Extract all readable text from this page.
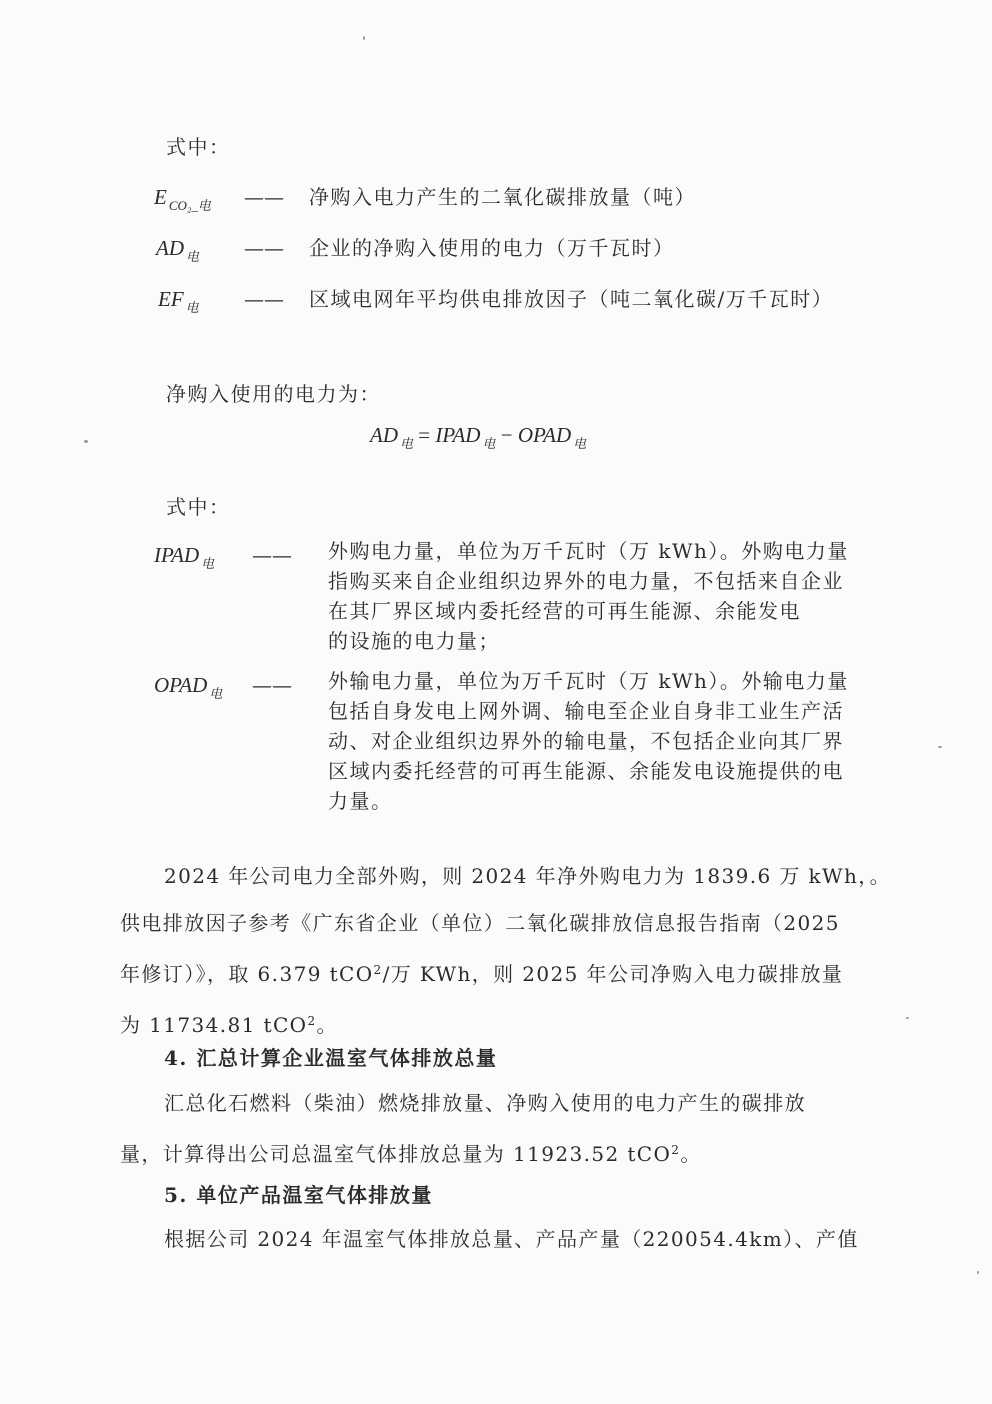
式中：
E $_{CO_2\_电}$ —— 净购入电力产生的二氧化碳排放量（吨）
AD $_电$ —— 企业的净购入使用的电力（万千瓦时）
EF $_电$ —— 区域电网年平均供电排放因子（吨二氧化碳/万千瓦时）
净购入使用的电力为：
AD $_电$ = IPAD $_电$ − OPAD $_电$
式中：
IPAD $_电$ —— 外购电力量，单位为万千瓦时（万 kWh）。外购电力量
指购买来自企业组织边界外的电力量，不包括来自企业
在其厂界区域内委托经营的可再生能源、余能发电
的设施的电力量；
OPAD $_电$ —— 外输电力量，单位为万千瓦时（万 kWh）。外输电力量
包括自身发电上网外调、输电至企业自身非工业生产活
动、对企业组织边界外的输电量，不包括企业向其厂界
区域内委托经营的可再生能源、余能发电设施提供的电
力量。
2024 年公司电力全部外购，则 2024 年净外购电力为 1839.6 万 kWh，。
供电排放因子参考《广东省企业（单位）二氧化碳排放信息报告指南（2025
年修订）》，取 6.379 tCO$^2$/万 KWh，则 2025 年公司净购入电力碳排放量
为 11734.81 tCO$^2$。
4. 汇总计算企业温室气体排放总量
汇总化石燃料（柴油）燃烧排放量、净购入使用的电力产生的碳排放
量，计算得出公司总温室气体排放总量为 11923.52 tCO$^2$。
5. 单位产品温室气体排放量
根据公司 2024 年温室气体排放总量、产品产量（220054.4km）、产值
